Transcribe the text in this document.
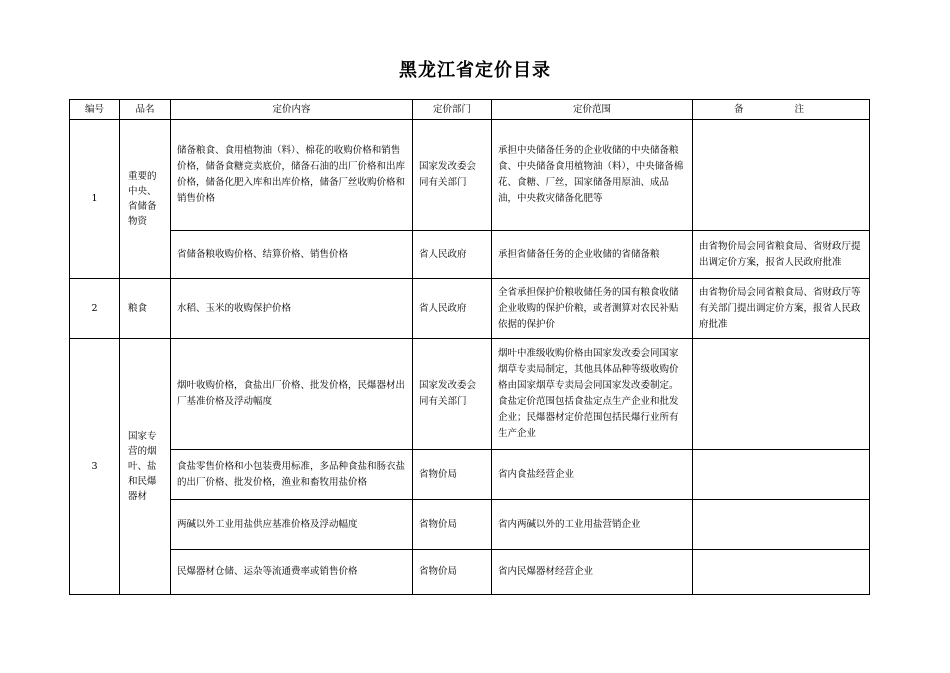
黑龙江省定价目录
编号	品名	定价内容	定价部门	定价范围	备 注
1	重要的中央、省储备物资	储备粮食、食用植物油（料）、棉花的收购价格和销售价格，储备食糖竞卖底价，储备石油的出厂价格和出库价格，储备化肥入库和出库价格，储备厂丝收购价格和销售价格	国家发改委会同有关部门	承担中央储备任务的企业收储的中央储备粮食、中央储备食用植物油（料），中央储备棉花、食糖、厂丝，国家储备用原油、成品油，中央救灾储备化肥等	
		省储备粮收购价格、结算价格、销售价格	省人民政府	承担省储备任务的企业收储的省储备粮	由省物价局会同省粮食局、省财政厅提出调定价方案，报省人民政府批准
2	粮食	水稻、玉米的收购保护价格	省人民政府	全省承担保护价粮收储任务的国有粮食收储企业收购的保护价粮，或者测算对农民补贴依据的保护价	由省物价局会同省粮食局、省财政厅等有关部门提出调定价方案，报省人民政府批准
3	国家专营的烟叶、盐和民爆器材	烟叶收购价格，食盐出厂价格、批发价格，民爆器材出厂基准价格及浮动幅度	国家发改委会同有关部门	烟叶中准级收购价格由国家发改委会同国家烟草专卖局制定，其他具体品种等级收购价格由国家烟草专卖局会同国家发改委制定。食盐定价范围包括食盐定点生产企业和批发企业；民爆器材定价范围包括民爆行业所有生产企业	
		食盐零售价格和小包装费用标准，多品种食盐和肠衣盐的出厂价格、批发价格，渔业和畜牧用盐价格	省物价局	省内食盐经营企业	
		两碱以外工业用盐供应基准价格及浮动幅度	省物价局	省内两碱以外的工业用盐营销企业	
		民爆器材仓储、运杂等流通费率或销售价格	省物价局	省内民爆器材经营企业	
